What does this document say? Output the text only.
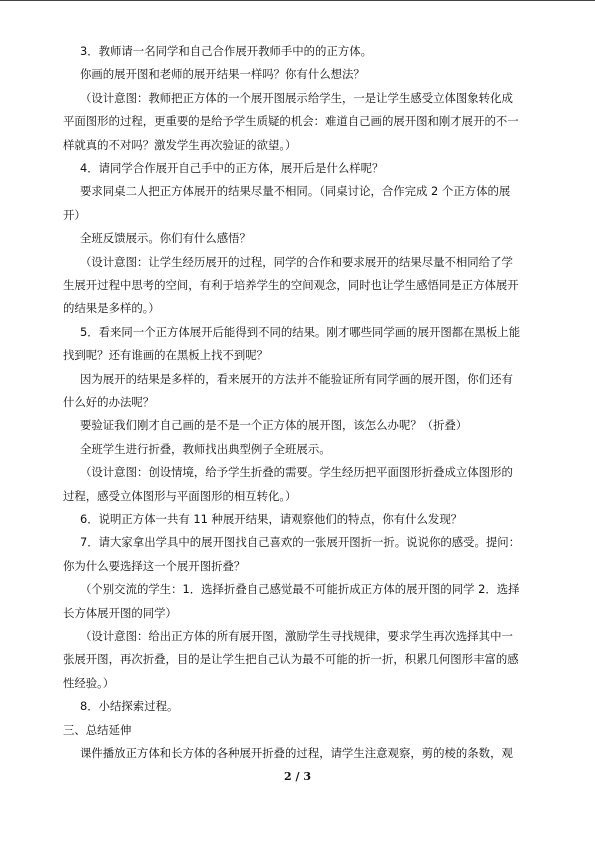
3．教师请一名同学和自己合作展开教师手中的的正方体。
你画的展开图和老师的展开结果一样吗？你有什么想法？
（设计意图：教师把正方体的一个展开图展示给学生，一是让学生感受立体图象转化成
平面图形的过程，更重要的是给予学生质疑的机会：难道自己画的展开图和刚才展开的不一
样就真的不对吗？激发学生再次验证的欲望。）
4．请同学合作展开自己手中的正方体，展开后是什么样呢？
要求同桌二人把正方体展开的结果尽量不相同。（同桌讨论，合作完成 2 个正方体的展
开）
全班反馈展示。你们有什么感悟？
（设计意图：让学生经历展开的过程，同学的合作和要求展开的结果尽量不相同给了学
生展开过程中思考的空间，有利于培养学生的空间观念，同时也让学生感悟同是正方体展开
的结果是多样的。）
5．看来同一个正方体展开后能得到不同的结果。刚才哪些同学画的展开图都在黑板上能
找到呢？还有谁画的在黑板上找不到呢？
因为展开的结果是多样的，看来展开的方法并不能验证所有同学画的展开图，你们还有
什么好的办法呢？
要验证我们刚才自己画的是不是一个正方体的展开图，该怎么办呢？（折叠）
全班学生进行折叠，教师找出典型例子全班展示。
（设计意图：创设情境，给予学生折叠的需要。学生经历把平面图形折叠成立体图形的
过程，感受立体图形与平面图形的相互转化。）
6．说明正方体一共有 11 种展开结果，请观察他们的特点，你有什么发现？
7．请大家拿出学具中的展开图找自己喜欢的一张展开图折一折。说说你的感受。提问：
你为什么要选择这一个展开图折叠？
（个别交流的学生：1．选择折叠自己感觉最不可能折成正方体的展开图的同学 2．选择
长方体展开图的同学）
（设计意图：给出正方体的所有展开图，激励学生寻找规律，要求学生再次选择其中一
张展开图，再次折叠，目的是让学生把自己认为最不可能的折一折，积累几何图形丰富的感
性经验。）
8．小结探索过程。
三、总结延伸
课件播放正方体和长方体的各种展开折叠的过程，请学生注意观察，剪的棱的条数，观
2 / 3
